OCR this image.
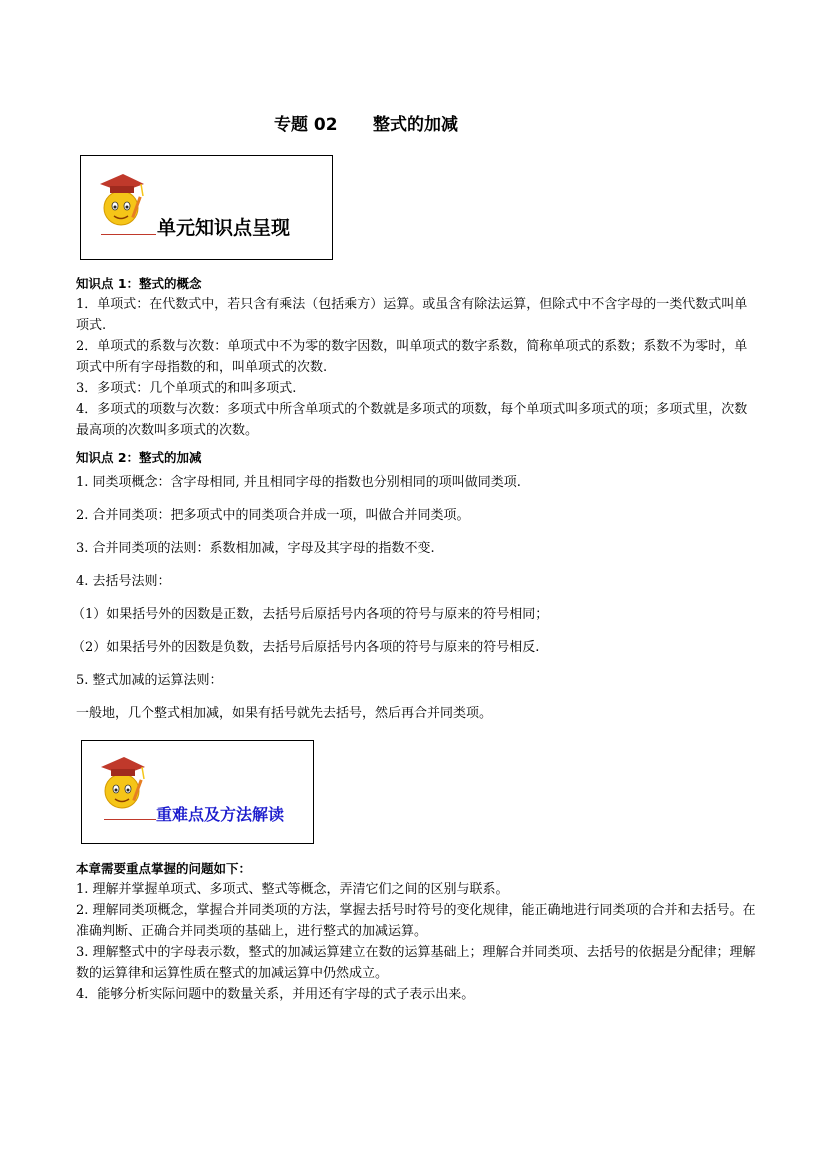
专题 02      整式的加减
单元知识点呈现

知识点 1：整式的概念

1．单项式：在代数式中，若只含有乘法（包括乘方）运算。或虽含有除法运算，但除式中不含字母的一类代数式叫单项式.

2．单项式的系数与次数：单项式中不为零的数字因数，叫单项式的数字系数，简称单项式的系数；系数不为零时，单项式中所有字母指数的和，叫单项式的次数.

3．多项式：几个单项式的和叫多项式.

4．多项式的项数与次数：多项式中所含单项式的个数就是多项式的项数，每个单项式叫多项式的项；多项式里，次数最高项的次数叫多项式的次数。

知识点 2：整式的加减

1. 同类项概念：含字母相同, 并且相同字母的指数也分别相同的项叫做同类项.

2. 合并同类项：把多项式中的同类项合并成一项，叫做合并同类项。

3. 合并同类项的法则：系数相加减，字母及其字母的指数不变.

4. 去括号法则：

（1）如果括号外的因数是正数，去括号后原括号内各项的符号与原来的符号相同；

（2）如果括号外的因数是负数，去括号后原括号内各项的符号与原来的符号相反.

5. 整式加减的运算法则：

一般地，几个整式相加减，如果有括号就先去括号，然后再合并同类项。

重难点及方法解读

本章需要重点掌握的问题如下：

1. 理解并掌握单项式、多项式、整式等概念，弄清它们之间的区别与联系。

2. 理解同类项概念，掌握合并同类项的方法，掌握去括号时符号的变化规律，能正确地进行同类项的合并和去括号。在准确判断、正确合并同类项的基础上，进行整式的加减运算。

3. 理解整式中的字母表示数，整式的加减运算建立在数的运算基础上；理解合并同类项、去括号的依据是分配律；理解数的运算律和运算性质在整式的加减运算中仍然成立。

4．能够分析实际问题中的数量关系，并用还有字母的式子表示出来。
